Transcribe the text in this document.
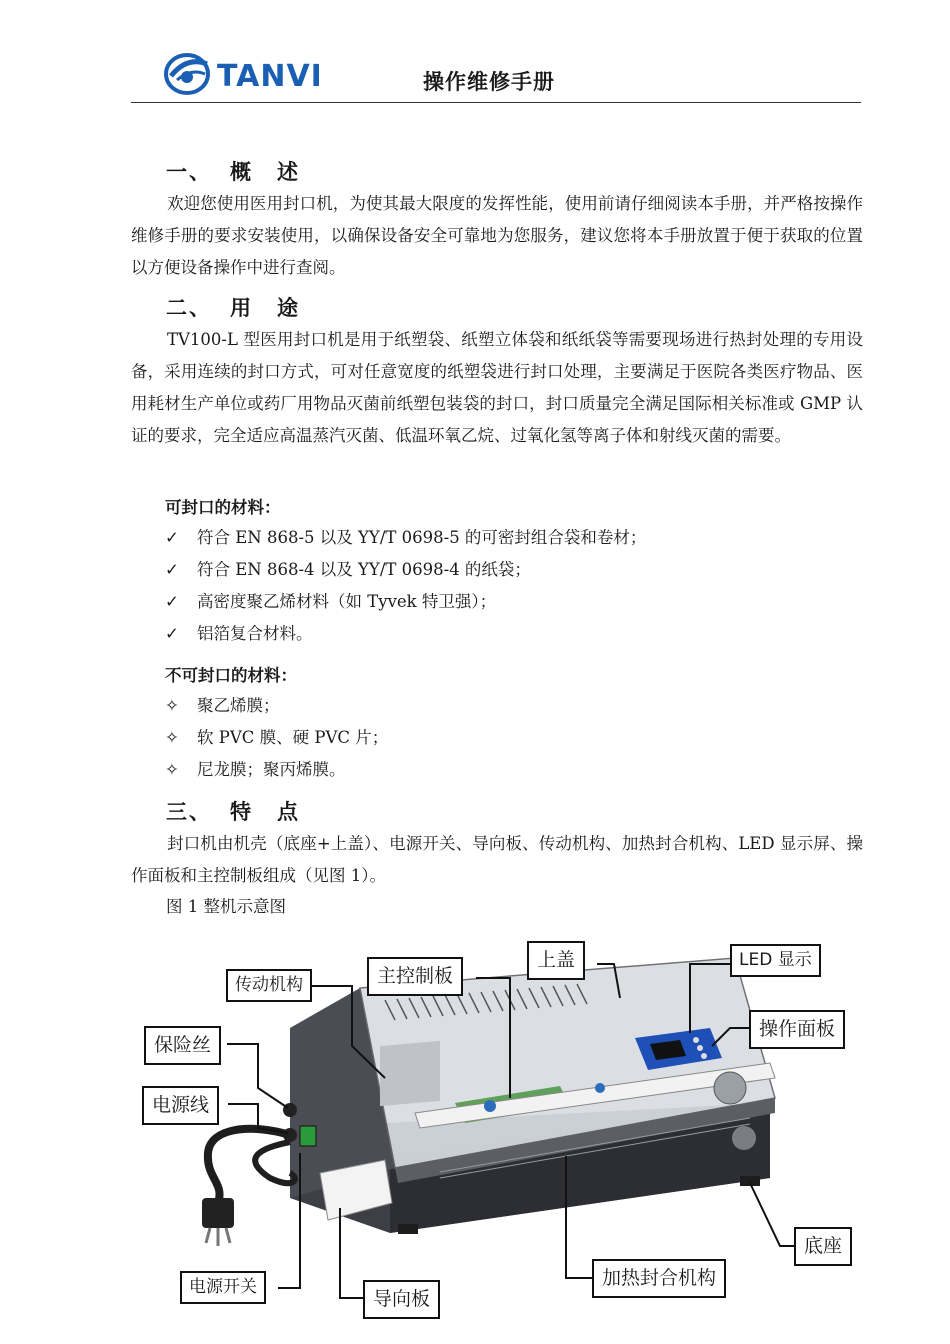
TANVI	操作维修手册
一、 概述
欢迎您使用医用封口机，为使其最大限度的发挥性能，使用前请仔细阅读本手册，并严格按操作维修手册的要求安装使用，以确保设备安全可靠地为您服务，建议您将本手册放置于便于获取的位置以方便设备操作中进行查阅。
二、 用途
TV100-L 型医用封口机是用于纸塑袋、纸塑立体袋和纸纸袋等需要现场进行热封处理的专用设备，采用连续的封口方式，可对任意宽度的纸塑袋进行封口处理，主要满足于医院各类医疗物品、医用耗材生产单位或药厂用物品灭菌前纸塑包装袋的封口，封口质量完全满足国际相关标准或 GMP 认证的要求，完全适应高温蒸汽灭菌、低温环氧乙烷、过氧化氢等离子体和射线灭菌的需要。
可封口的材料：
✓ 符合 EN 868-5 以及 YY/T 0698-5 的可密封组合袋和卷材；
✓ 符合 EN 868-4 以及 YY/T 0698-4 的纸袋；
✓ 高密度聚乙烯材料（如 Tyvek 特卫强）；
✓ 铝箔复合材料。
不可封口的材料：
✧ 聚乙烯膜；
✧ 软 PVC 膜、硬 PVC 片；
✧ 尼龙膜；聚丙烯膜。
三、 特点
封口机由机壳（底座+上盖）、电源开关、导向板、传动机构、加热封合机构、LED 显示屏、操作面板和主控制板组成（见图 1）。
图 1 整机示意图
上盖	LED 显示
主控制板
传动机构
保险丝
操作面板
电源线
底座
加热封合机构
电源开关
导向板
